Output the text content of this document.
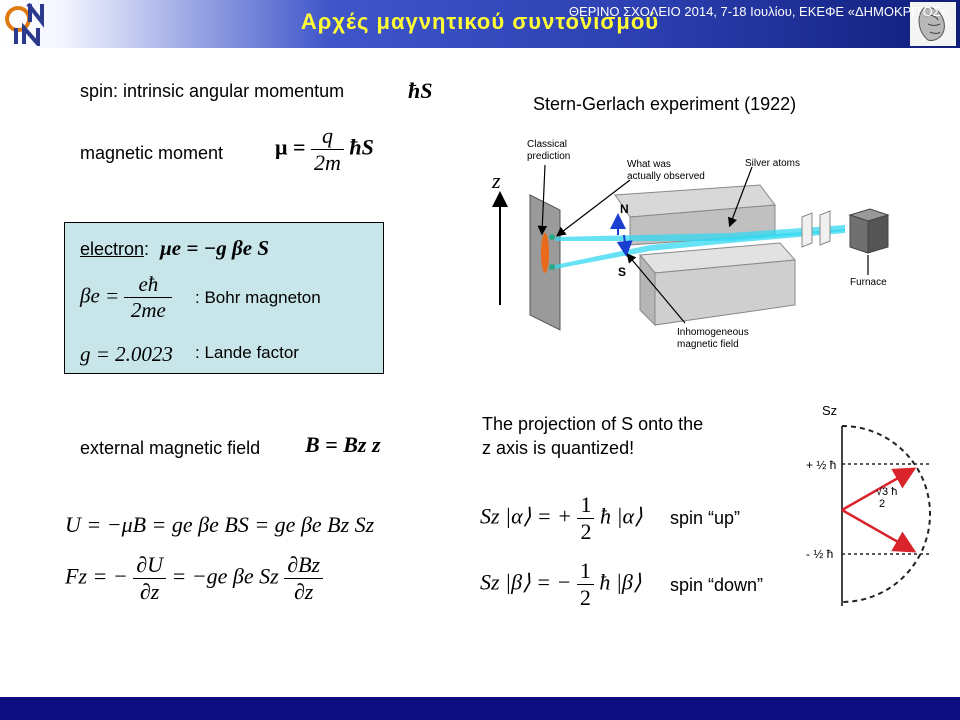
Αρχές μαγνητικού συντονισμού
spin: intrinsic angular momentum	ħS
magnetic moment $\mu = \frac{q}{2m}$ ħS
electron: μe = −g βe S
$\beta e = \frac{eħ}{2me}$ : Bohr magneton
g = 2.0023 : Lande factor
external magnetic field B = Bz z
U = −μB = ge βe BS = ge βe Bz Sz
Fz = − $\frac{\partial U}{\partial z} = -ge$ βe Sz $\frac{\partial Bz}{\partial z}$
Stern-Gerlach experiment (1922)
z
Classical
prediction
What was
actually observed
Silver atoms
Inhomogeneous
magnetic field
Furnace
N
S
The projection of S onto the
z axis is quantized!
Sz |α⟩ = + $\frac{1}{2}$ ħ |α⟩ spin “up”
Sz |β⟩ = − $\frac{1}{2}$ ħ |β⟩ spin “down”
Sz
+ ½ ħ
- ½ ħ
√3 ħ
2
ΘΕΡΙΝΟ ΣΧΟΛΕΙΟ 2014, 7-18 Ιουλίου, ΕΚΕΦΕ «ΔΗΜΟΚΡΙΤΟΣ»
